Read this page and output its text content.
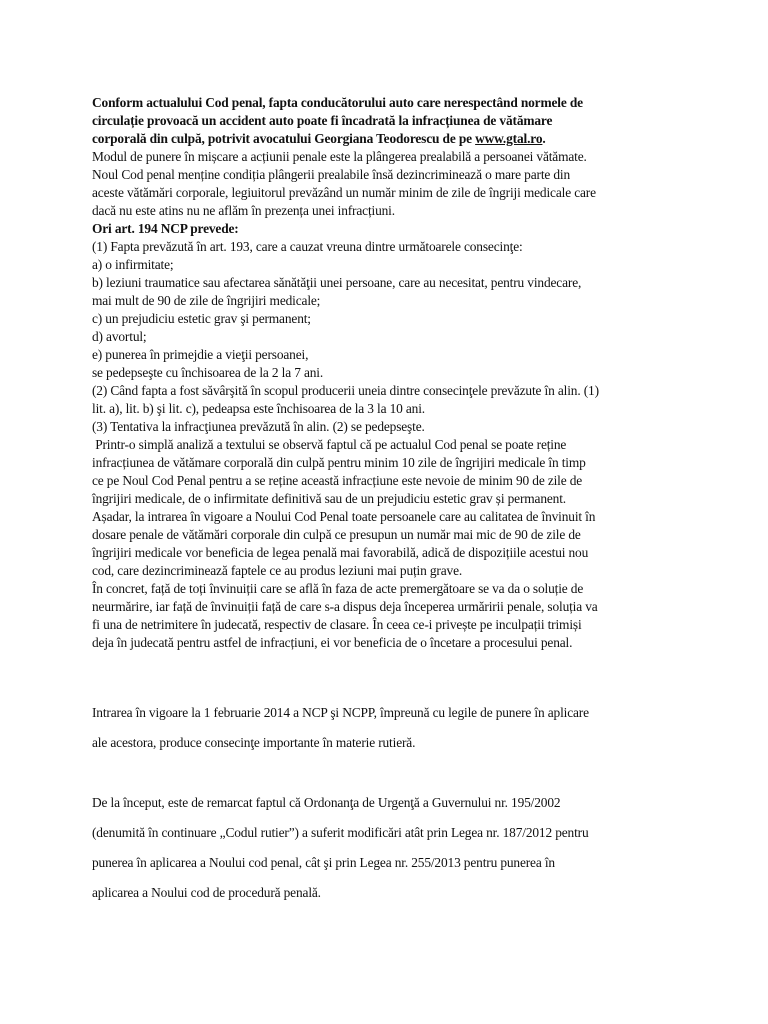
Conform actualului Cod penal, fapta conducătorului auto care nerespectând normele de

circulație provoacă un accident auto poate fi încadrată la infracțiunea de vătămare

corporală din culpă, potrivit avocatului Georgiana Teodorescu de pe www.gtal.ro.

Modul de punere în mișcare a acțiunii penale este la plângerea prealabilă a persoanei vătămate.

Noul Cod penal menține condiția plângerii prealabile însă dezincriminează o mare parte din

aceste vătămări corporale, legiuitorul prevăzând un număr minim de zile de îngriji medicale care

dacă nu este atins nu ne aflăm în prezența unei infracțiuni.

Ori art. 194 NCP prevede:

(1) Fapta prevăzută în art. 193, care a cauzat vreuna dintre următoarele consecinţe:

a) o infirmitate;

b) leziuni traumatice sau afectarea sănătăţii unei persoane, care au necesitat, pentru vindecare,

mai mult de 90 de zile de îngrijiri medicale;

c) un prejudiciu estetic grav şi permanent;

d) avortul;

e) punerea în primejdie a vieţii persoanei,

se pedepseşte cu închisoarea de la 2 la 7 ani.

(2) Când fapta a fost săvârşită în scopul producerii uneia dintre consecinţele prevăzute în alin. (1)

lit. a), lit. b) şi lit. c), pedeapsa este închisoarea de la 3 la 10 ani.

(3) Tentativa la infracţiunea prevăzută în alin. (2) se pedepseşte.

Printr-o simplă analiză a textului se observă faptul că pe actualul Cod penal se poate reține

infracțiunea de vătămare corporală din culpă pentru minim 10 zile de îngrijiri medicale în timp

ce pe Noul Cod Penal pentru a se reține această infracțiune este nevoie de minim 90 de zile de

îngrijiri medicale, de o infirmitate definitivă sau de un prejudiciu estetic grav și permanent.

Așadar, la intrarea în vigoare a Noului Cod Penal toate persoanele care au calitatea de învinuit în

dosare penale de vătămări corporale din culpă ce presupun un număr mai mic de 90 de zile de

îngrijiri medicale vor beneficia de legea penală mai favorabilă, adică de dispozițiile acestui nou

cod, care dezincriminează faptele ce au produs leziuni mai puțin grave.

În concret, față de toți învinuiții care se află în faza de acte premergătoare se va da o soluție de

neurmărire, iar față de învinuiții față de care s-a dispus deja începerea urmăririi penale, soluția va

fi una de netrimitere în judecată, respectiv de clasare. În ceea ce-i privește pe inculpații trimiși

deja în judecată pentru astfel de infracțiuni, ei vor beneficia de o încetare a procesului penal.

Intrarea în vigoare la 1 februarie 2014 a NCP şi NCPP, împreună cu legile de punere în aplicare

ale acestora, produce consecinţe importante în materie rutieră.

De la început, este de remarcat faptul că Ordonanţa de Urgenţă a Guvernului nr. 195/2002

(denumită în continuare „Codul rutier”) a suferit modificări atât prin Legea nr. 187/2012 pentru

punerea în aplicarea a Noului cod penal, cât şi prin Legea nr. 255/2013 pentru punerea în

aplicarea a Noului cod de procedură penală.
